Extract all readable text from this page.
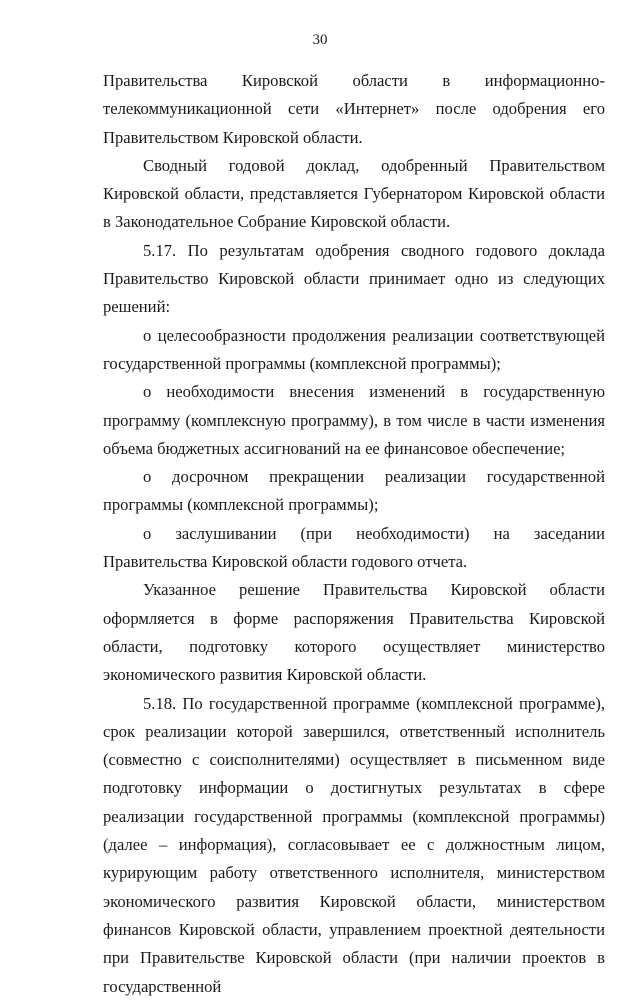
30

Правительства Кировской области в информационно-телекоммуникационной сети «Интернет» после одобрения его Правительством Кировской области.

Сводный годовой доклад, одобренный Правительством Кировской области, представляется Губернатором Кировской области в Законодательное Собрание Кировской области.

5.17. По результатам одобрения сводного годового доклада Правительство Кировской области принимает одно из следующих решений:

о целесообразности продолжения реализации соответствующей государственной программы (комплексной программы);

о необходимости внесения изменений в государственную программу (комплексную программу), в том числе в части изменения объема бюджетных ассигнований на ее финансовое обеспечение;

о досрочном прекращении реализации государственной программы (комплексной программы);

о заслушивании (при необходимости) на заседании Правительства Кировской области годового отчета.

Указанное решение Правительства Кировской области оформляется в форме распоряжения Правительства Кировской области, подготовку которого осуществляет министерство экономического развития Кировской области.

5.18. По государственной программе (комплексной программе), срок реализации которой завершился, ответственный исполнитель (совместно с соисполнителями) осуществляет в письменном виде подготовку информации о достигнутых результатах в сфере реализации государственной программы (комплексной программы) (далее – информация), согласовывает ее с должностным лицом, курирующим работу ответственного исполнителя, министерством экономического развития Кировской области, министерством финансов Кировской области, управлением проектной деятельности при Правительстве Кировской области (при наличии проектов в государственной
